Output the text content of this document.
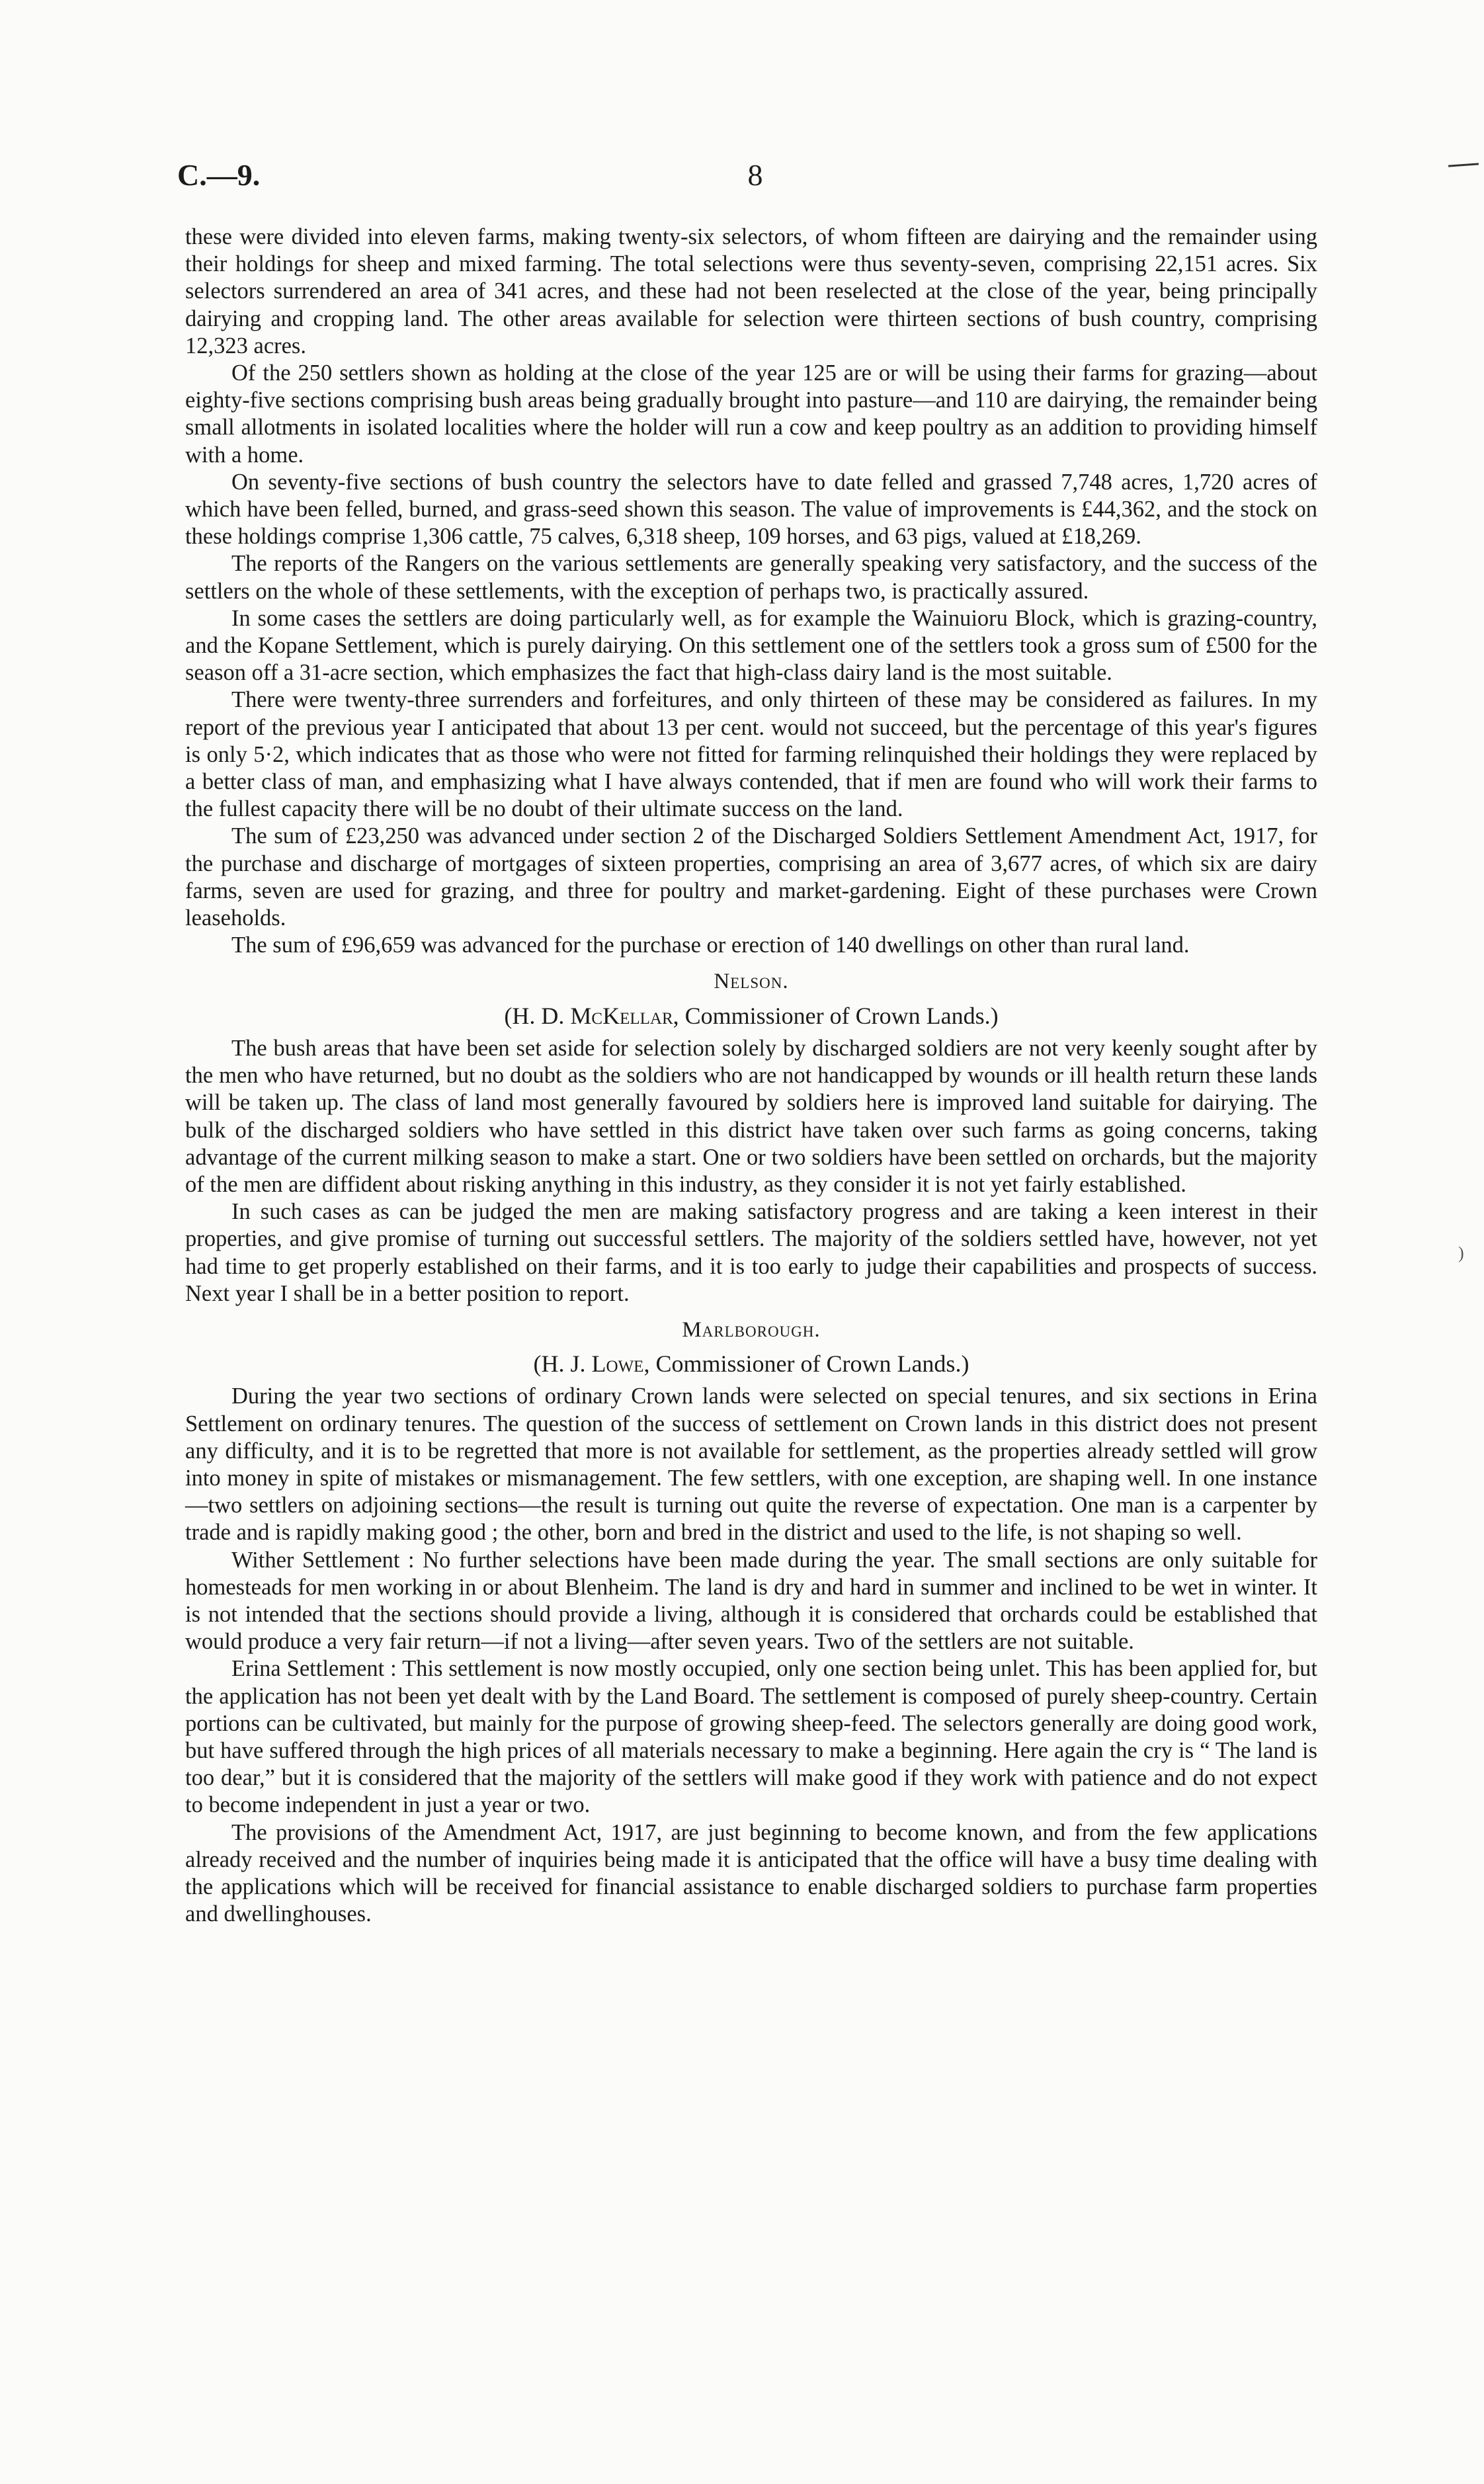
C.—9.	8

these were divided into eleven farms, making twenty-six selectors, of whom fifteen are dairying and the remainder using their holdings for sheep and mixed farming. The total selections were thus seventy-seven, comprising 22,151 acres. Six selectors surrendered an area of 341 acres, and these had not been reselected at the close of the year, being principally dairying and cropping land. The other areas available for selection were thirteen sections of bush country, comprising 12,323 acres.

Of the 250 settlers shown as holding at the close of the year 125 are or will be using their farms for grazing—about eighty-five sections comprising bush areas being gradually brought into pasture—and 110 are dairying, the remainder being small allotments in isolated localities where the holder will run a cow and keep poultry as an addition to providing himself with a home.

On seventy-five sections of bush country the selectors have to date felled and grassed 7,748 acres, 1,720 acres of which have been felled, burned, and grass-seed shown this season. The value of improvements is £44,362, and the stock on these holdings comprise 1,306 cattle, 75 calves, 6,318 sheep, 109 horses, and 63 pigs, valued at £18,269.

The reports of the Rangers on the various settlements are generally speaking very satisfactory, and the success of the settlers on the whole of these settlements, with the exception of perhaps two, is practically assured.

In some cases the settlers are doing particularly well, as for example the Wainuioru Block, which is grazing-country, and the Kopane Settlement, which is purely dairying. On this settlement one of the settlers took a gross sum of £500 for the season off a 31-acre section, which emphasizes the fact that high-class dairy land is the most suitable.

There were twenty-three surrenders and forfeitures, and only thirteen of these may be considered as failures. In my report of the previous year I anticipated that about 13 per cent. would not succeed, but the percentage of this year's figures is only 5·2, which indicates that as those who were not fitted for farming relinquished their holdings they were replaced by a better class of man, and emphasizing what I have always contended, that if men are found who will work their farms to the fullest capacity there will be no doubt of their ultimate success on the land.

The sum of £23,250 was advanced under section 2 of the Discharged Soldiers Settlement Amendment Act, 1917, for the purchase and discharge of mortgages of sixteen properties, comprising an area of 3,677 acres, of which six are dairy farms, seven are used for grazing, and three for poultry and market-gardening. Eight of these purchases were Crown leaseholds.

The sum of £96,659 was advanced for the purchase or erection of 140 dwellings on other than rural land.

Nelson.
(H. D. McKellar, Commissioner of Crown Lands.)

The bush areas that have been set aside for selection solely by discharged soldiers are not very keenly sought after by the men who have returned, but no doubt as the soldiers who are not handicapped by wounds or ill health return these lands will be taken up. The class of land most generally favoured by soldiers here is improved land suitable for dairying. The bulk of the discharged soldiers who have settled in this district have taken over such farms as going concerns, taking advantage of the current milking season to make a start. One or two soldiers have been settled on orchards, but the majority of the men are diffident about risking anything in this industry, as they consider it is not yet fairly established.

In such cases as can be judged the men are making satisfactory progress and are taking a keen interest in their properties, and give promise of turning out successful settlers. The majority of the soldiers settled have, however, not yet had time to get properly established on their farms, and it is too early to judge their capabilities and prospects of success. Next year I shall be in a better position to report.

Marlborough.
(H. J. Lowe, Commissioner of Crown Lands.)

During the year two sections of ordinary Crown lands were selected on special tenures, and six sections in Erina Settlement on ordinary tenures. The question of the success of settlement on Crown lands in this district does not present any difficulty, and it is to be regretted that more is not available for settlement, as the properties already settled will grow into money in spite of mistakes or mismanagement. The few settlers, with one exception, are shaping well. In one instance—two settlers on adjoining sections—the result is turning out quite the reverse of expectation. One man is a carpenter by trade and is rapidly making good ; the other, born and bred in the district and used to the life, is not shaping so well.

Wither Settlement : No further selections have been made during the year. The small sections are only suitable for homesteads for men working in or about Blenheim. The land is dry and hard in summer and inclined to be wet in winter. It is not intended that the sections should provide a living, although it is considered that orchards could be established that would produce a very fair return—if not a living—after seven years. Two of the settlers are not suitable.

Erina Settlement : This settlement is now mostly occupied, only one section being unlet. This has been applied for, but the application has not been yet dealt with by the Land Board. The settlement is composed of purely sheep-country. Certain portions can be cultivated, but mainly for the purpose of growing sheep-feed. The selectors generally are doing good work, but have suffered through the high prices of all materials necessary to make a beginning. Here again the cry is “ The land is too dear,” but it is considered that the majority of the settlers will make good if they work with patience and do not expect to become independent in just a year or two.

The provisions of the Amendment Act, 1917, are just beginning to become known, and from the few applications already received and the number of inquiries being made it is anticipated that the office will have a busy time dealing with the applications which will be received for financial assistance to enable discharged soldiers to purchase farm properties and dwellinghouses.

)
